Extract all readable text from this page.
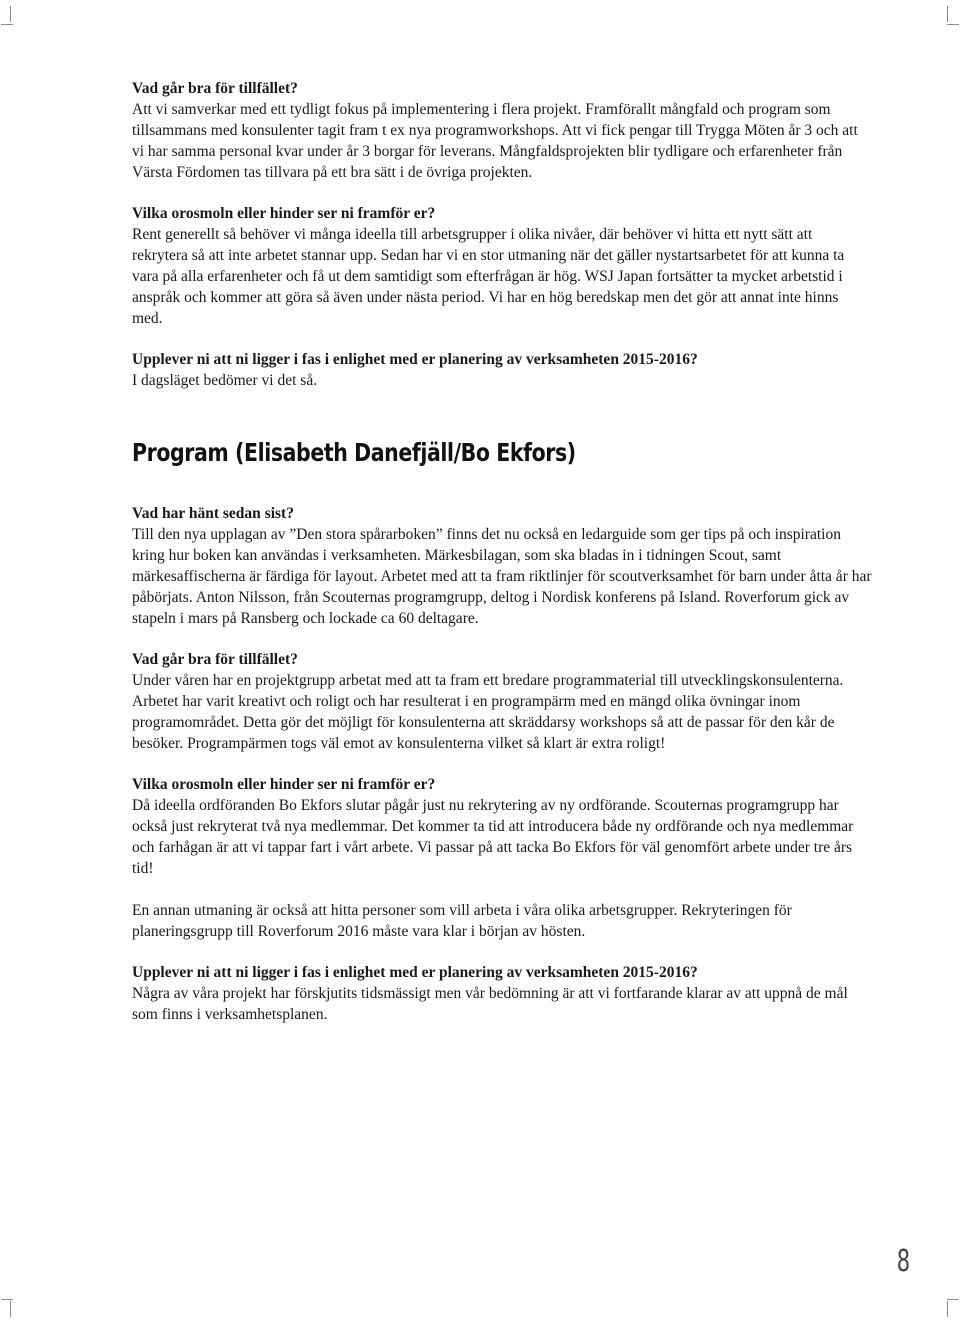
Vad går bra för tillfället?

Att vi samverkar med ett tydligt fokus på implementering i flera projekt. Framförallt mångfald och program som tillsammans med konsulenter tagit fram t ex nya programworkshops. Att vi fick pengar till Trygga Möten år 3 och att vi har samma personal kvar under år 3 borgar för leverans. Mångfaldsprojekten blir tydligare och erfarenheter från Värsta Fördomen tas tillvara på ett bra sätt i de övriga projekten.

Vilka orosmoln eller hinder ser ni framför er?

Rent generellt så behöver vi många ideella till arbetsgrupper i olika nivåer, där behöver vi hitta ett nytt sätt att rekrytera så att inte arbetet stannar upp. Sedan har vi en stor utmaning när det gäller nystartsarbetet för att kunna ta vara på alla erfarenheter och få ut dem samtidigt som efterfrågan är hög. WSJ Japan fortsätter ta mycket arbetstid i anspråk och kommer att göra så även under nästa period. Vi har en hög beredskap men det gör att annat inte hinns med.

Upplever ni att ni ligger i fas i enlighet med er planering av verksamheten 2015-2016?

I dagsläget bedömer vi det så.

Program (Elisabeth Danefjäll/Bo Ekfors)

Vad har hänt sedan sist?

Till den nya upplagan av ”Den stora spårarboken” finns det nu också en ledarguide som ger tips på och inspiration kring hur boken kan användas i verksamheten. Märkesbilagan, som ska bladas in i tidningen Scout, samt märkesaffischerna är färdiga för layout. Arbetet med att ta fram riktlinjer för scoutverksamhet för barn under åtta år har påbörjats. Anton Nilsson, från Scouternas programgrupp, deltog i Nordisk konferens på Island. Roverforum gick av stapeln i mars på Ransberg och lockade ca 60 deltagare.

Vad går bra för tillfället?

Under våren har en projektgrupp arbetat med att ta fram ett bredare programmaterial till utvecklingskonsulenterna. Arbetet har varit kreativt och roligt och har resulterat i en programpärm med en mängd olika övningar inom programområdet. Detta gör det möjligt för konsulenterna att skräddarsy workshops så att de passar för den kår de besöker. Programpärmen togs väl emot av konsulenterna vilket så klart är extra roligt!

Vilka orosmoln eller hinder ser ni framför er?

Då ideella ordföranden Bo Ekfors slutar pågår just nu rekrytering av ny ordförande. Scouternas programgrupp har också just rekryterat två nya medlemmar. Det kommer ta tid att introducera både ny ordförande och nya medlemmar och farhågan är att vi tappar fart i vårt arbete. Vi passar på att tacka Bo Ekfors för väl genomfört arbete under tre års tid!

En annan utmaning är också att hitta personer som vill arbeta i våra olika arbetsgrupper. Rekryteringen för planeringsgrupp till Roverforum 2016 måste vara klar i början av hösten.

Upplever ni att ni ligger i fas i enlighet med er planering av verksamheten 2015-2016?

Några av våra projekt har förskjutits tidsmässigt men vår bedömning är att vi fortfarande klarar av att uppnå de mål som finns i verksamhetsplanen.

8
